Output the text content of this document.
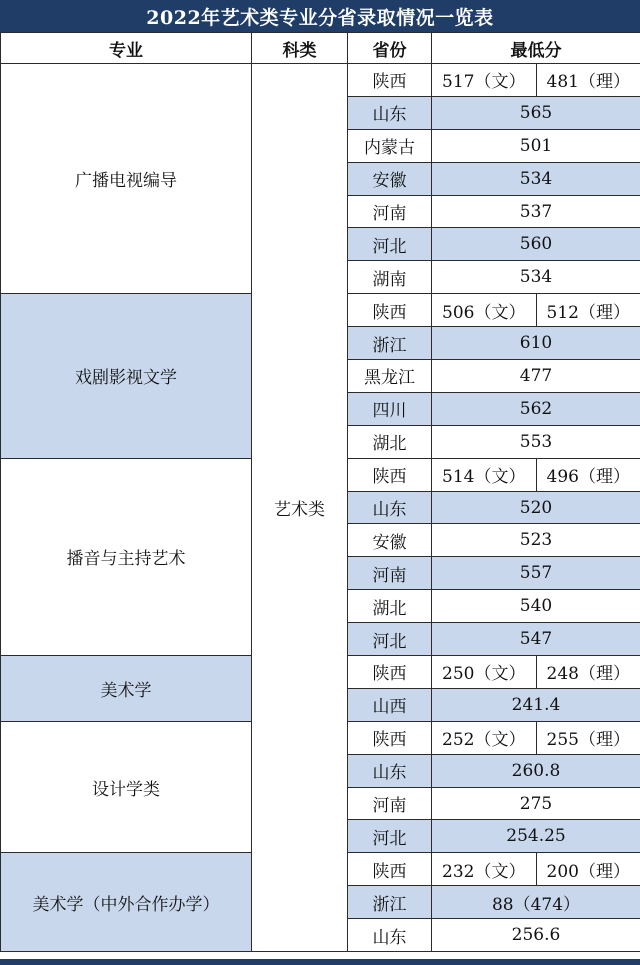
2022年艺术类专业分省录取情况一览表
专业	科类	省份	最低分
广播电视编导	艺术类	陕西	517（文） 481（理）

		山东	565
		内蒙古	501
		安徽	534
		河南	537
		河北	560
		湖南	534
戏剧影视文学		陕西	506（文） 512（理）

		浙江	610
		黑龙江	477
		四川	562
		湖北	553
播音与主持艺术		陕西	514（文） 496（理）

		山东	520
		安徽	523
		河南	557
		湖北	540
		河北	547
美术学		陕西	250（文） 248（理）

		山西	241.4
设计学类		陕西	252（文） 255（理）

		山东	260.8
		河南	275
		河北	254.25
美术学（中外合作办学）		陕西	232（文） 200（理）

		浙江	88（474）
		山东	256.6
